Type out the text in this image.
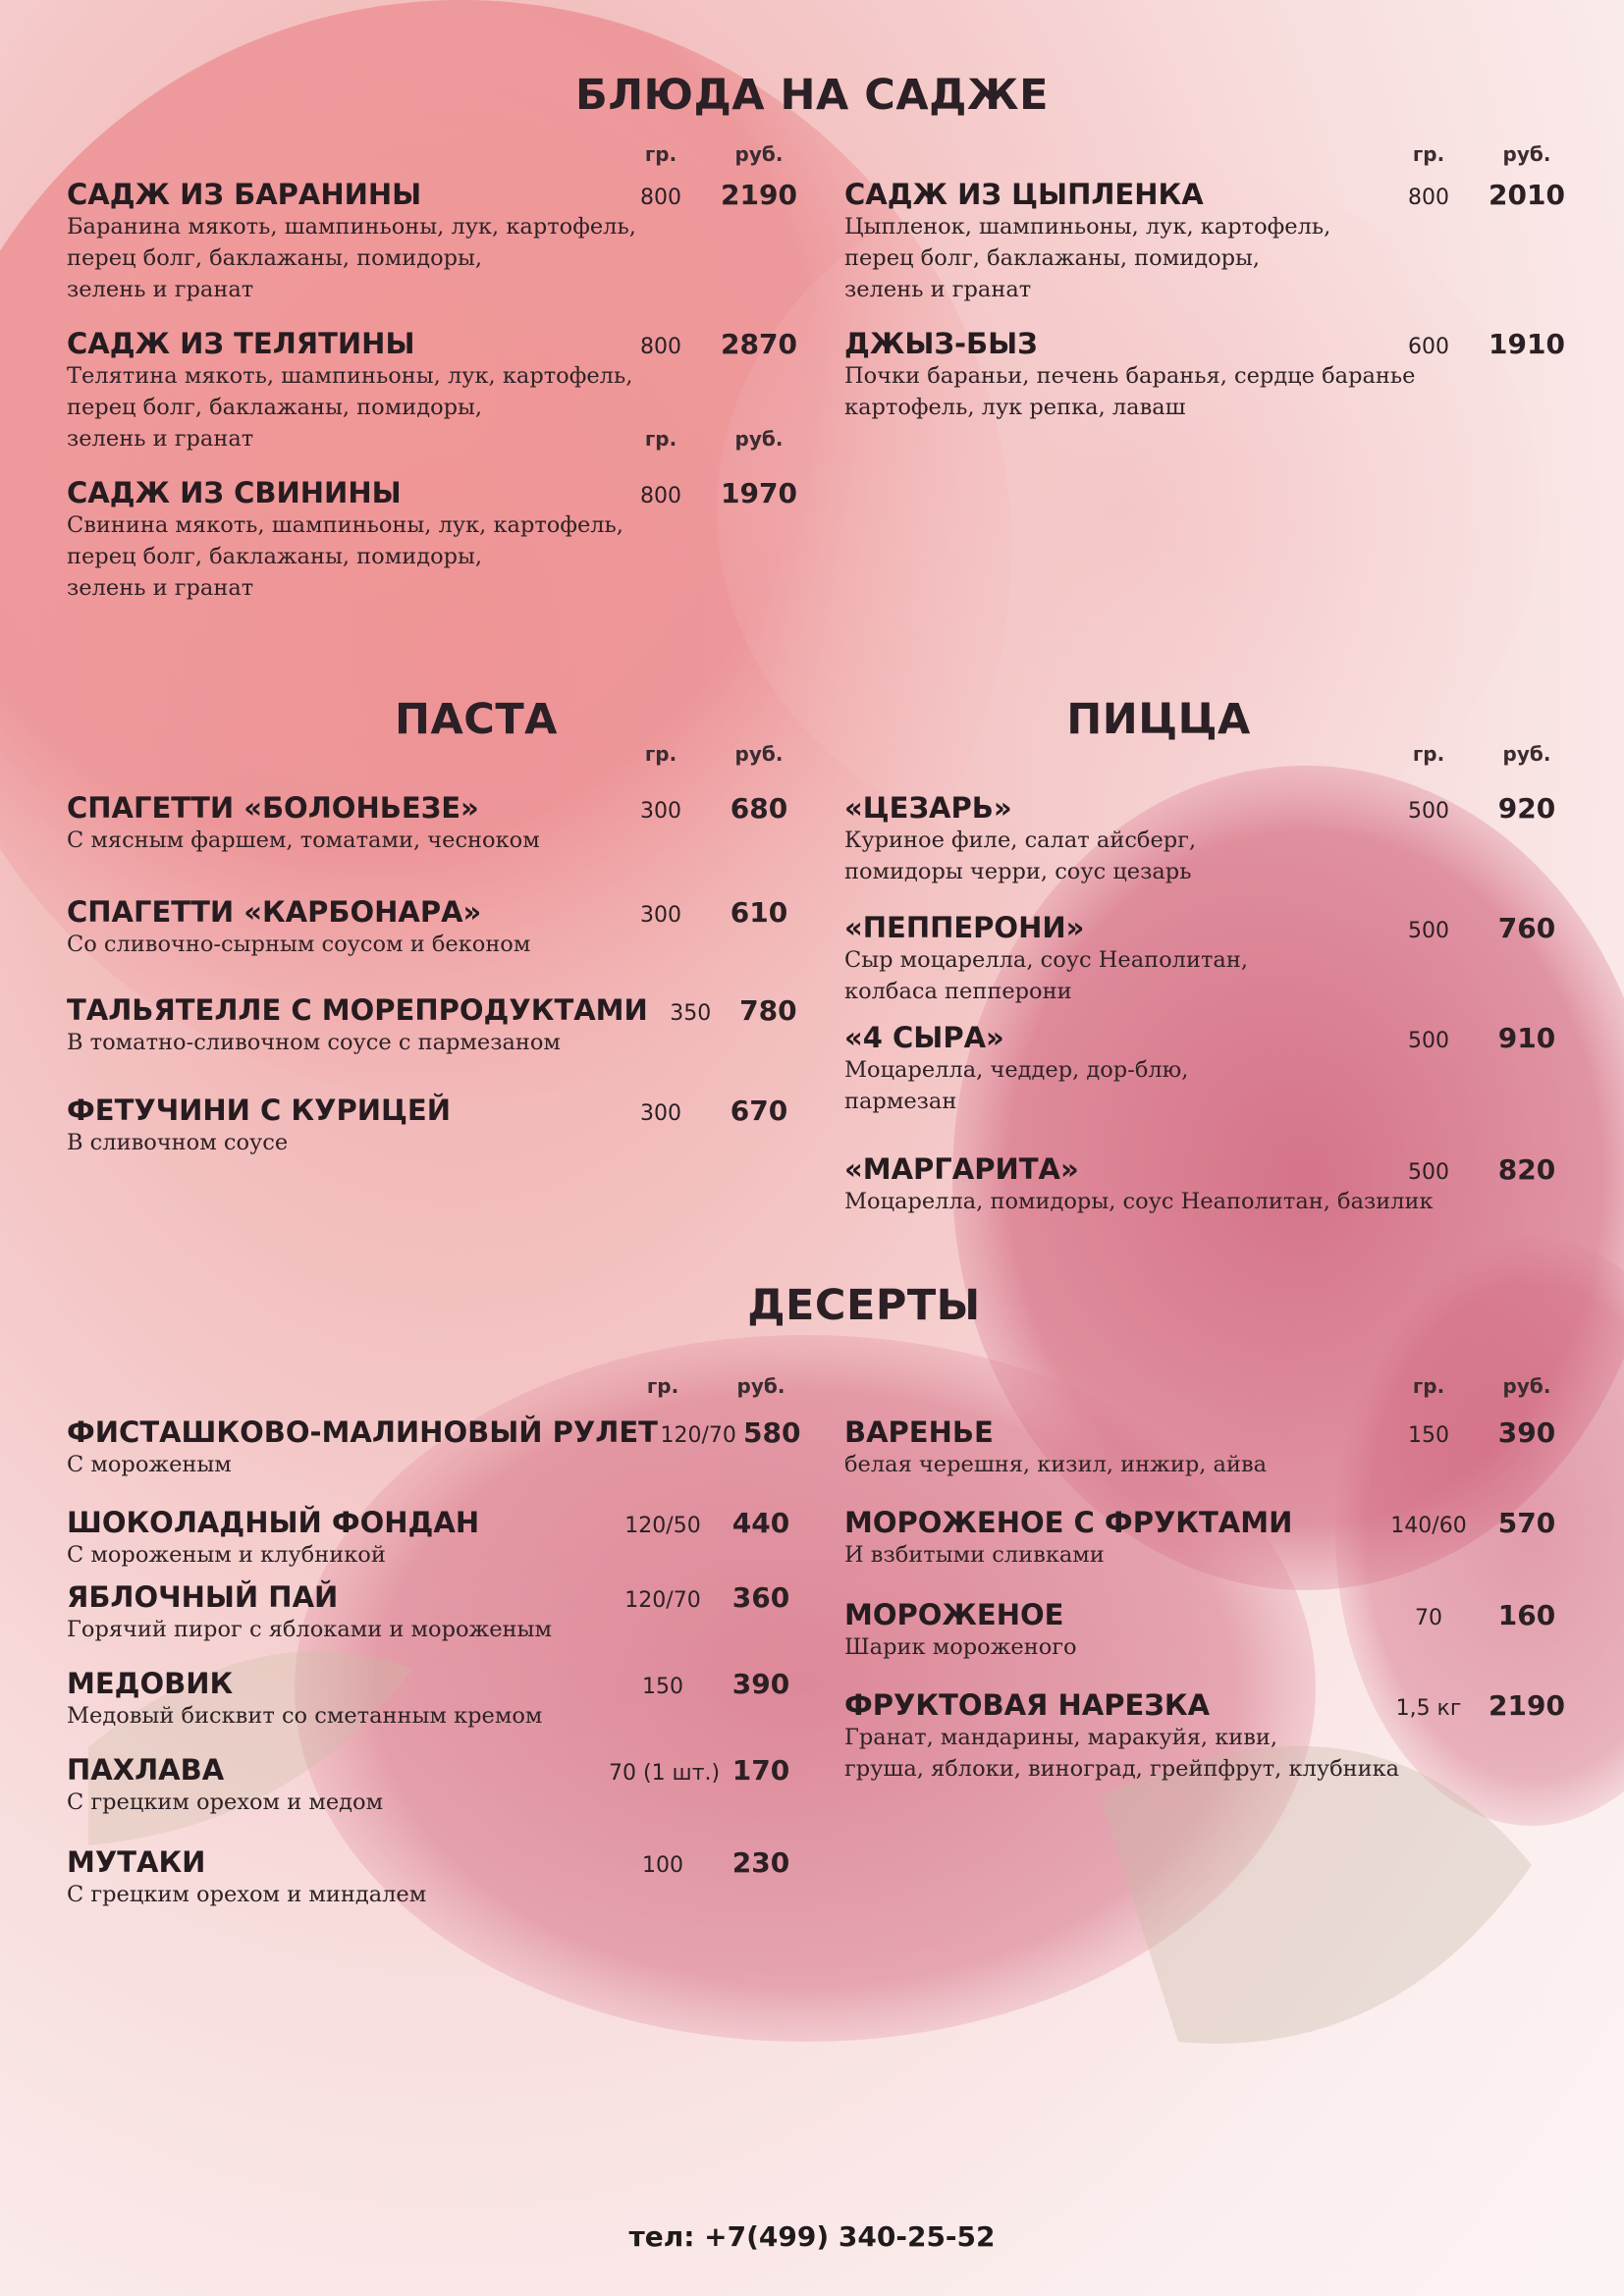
БЛЮДА НА САДЖЕ
гр.	руб.
САДЖ ИЗ БАРАНИНЫ	800	2190
Баранина мякоть, шампиньоны, лук, картофель,
перец болг, баклажаны, помидоры,
зелень и гранат
САДЖ ИЗ ТЕЛЯТИНЫ	800	2870
Телятина мякоть, шампиньоны, лук, картофель,
перец болг, баклажаны, помидоры,
зелень и гранат	гр.	руб.
САДЖ ИЗ СВИНИНЫ	800	1970
Свинина мякоть, шампиньоны, лук, картофель,
перец болг, баклажаны, помидоры,
зелень и гранат
гр.	руб.
САДЖ ИЗ ЦЫПЛЕНКА	800	2010
Цыпленок, шампиньоны, лук, картофель,
перец болг, баклажаны, помидоры,
зелень и гранат
ДЖЫЗ-БЫЗ	600	1910
Почки бараньи, печень баранья, сердце баранье
картофель, лук репка, лаваш
ПАСТА	ПИЦЦА
гр.	руб.
СПАГЕТТИ «БОЛОНЬЕЗЕ»	300	680
С мясным фаршем, томатами, чесноком
СПАГЕТТИ «КАРБОНАРА»	300	610
Со сливочно-сырным соусом и беконом
ТАЛЬЯТЕЛЛЕ С МОРЕПРОДУКТАМИ	350	780
В томатно-сливочном соусе с пармезаном
ФЕТУЧИНИ С КУРИЦЕЙ	300	670
В сливочном соусе
гр.	руб.
«ЦЕЗАРЬ»	500	920
Куриное филе, салат айсберг,
помидоры черри, соус цезарь
«ПЕППЕРОНИ»	500	760
Сыр моцарелла, соус Неаполитан,
колбаса пепперони
«4 СЫРА»	500	910
Моцарелла, чеддер, дор-блю,
пармезан
«МАРГАРИТА»	500	820
Моцарелла, помидоры, соус Неаполитан, базилик
ДЕСЕРТЫ
гр.	руб.
ФИСТАШКОВО-МАЛИНОВЫЙ РУЛЕТ 120/70 580
С мороженым
ШОКОЛАДНЫЙ ФОНДАН	120/50	440
С мороженым и клубникой
ЯБЛОЧНЫЙ ПАЙ	120/70	360
Горячий пирог с яблоками и мороженым
МЕДОВИК	150	390
Медовый бисквит со сметанным кремом
ПАХЛАВА	70 (1 шт.) 170
С грецким орехом и медом
МУТАКИ	100	230
С грецким орехом и миндалем
гр.	руб.
ВАРЕНЬЕ	150	390
белая черешня, кизил, инжир, айва
МОРОЖЕНОЕ С ФРУКТАМИ	140/60	570
И взбитыми сливками
МОРОЖЕНОЕ	70	160
Шарик мороженого
ФРУКТОВАЯ НАРЕЗКА	1,5 кг 2190
Гранат, мандарины, маракуйя, киви,
груша, яблоки, виноград, грейпфрут, клубника
тел: +7(499) 340-25-52
